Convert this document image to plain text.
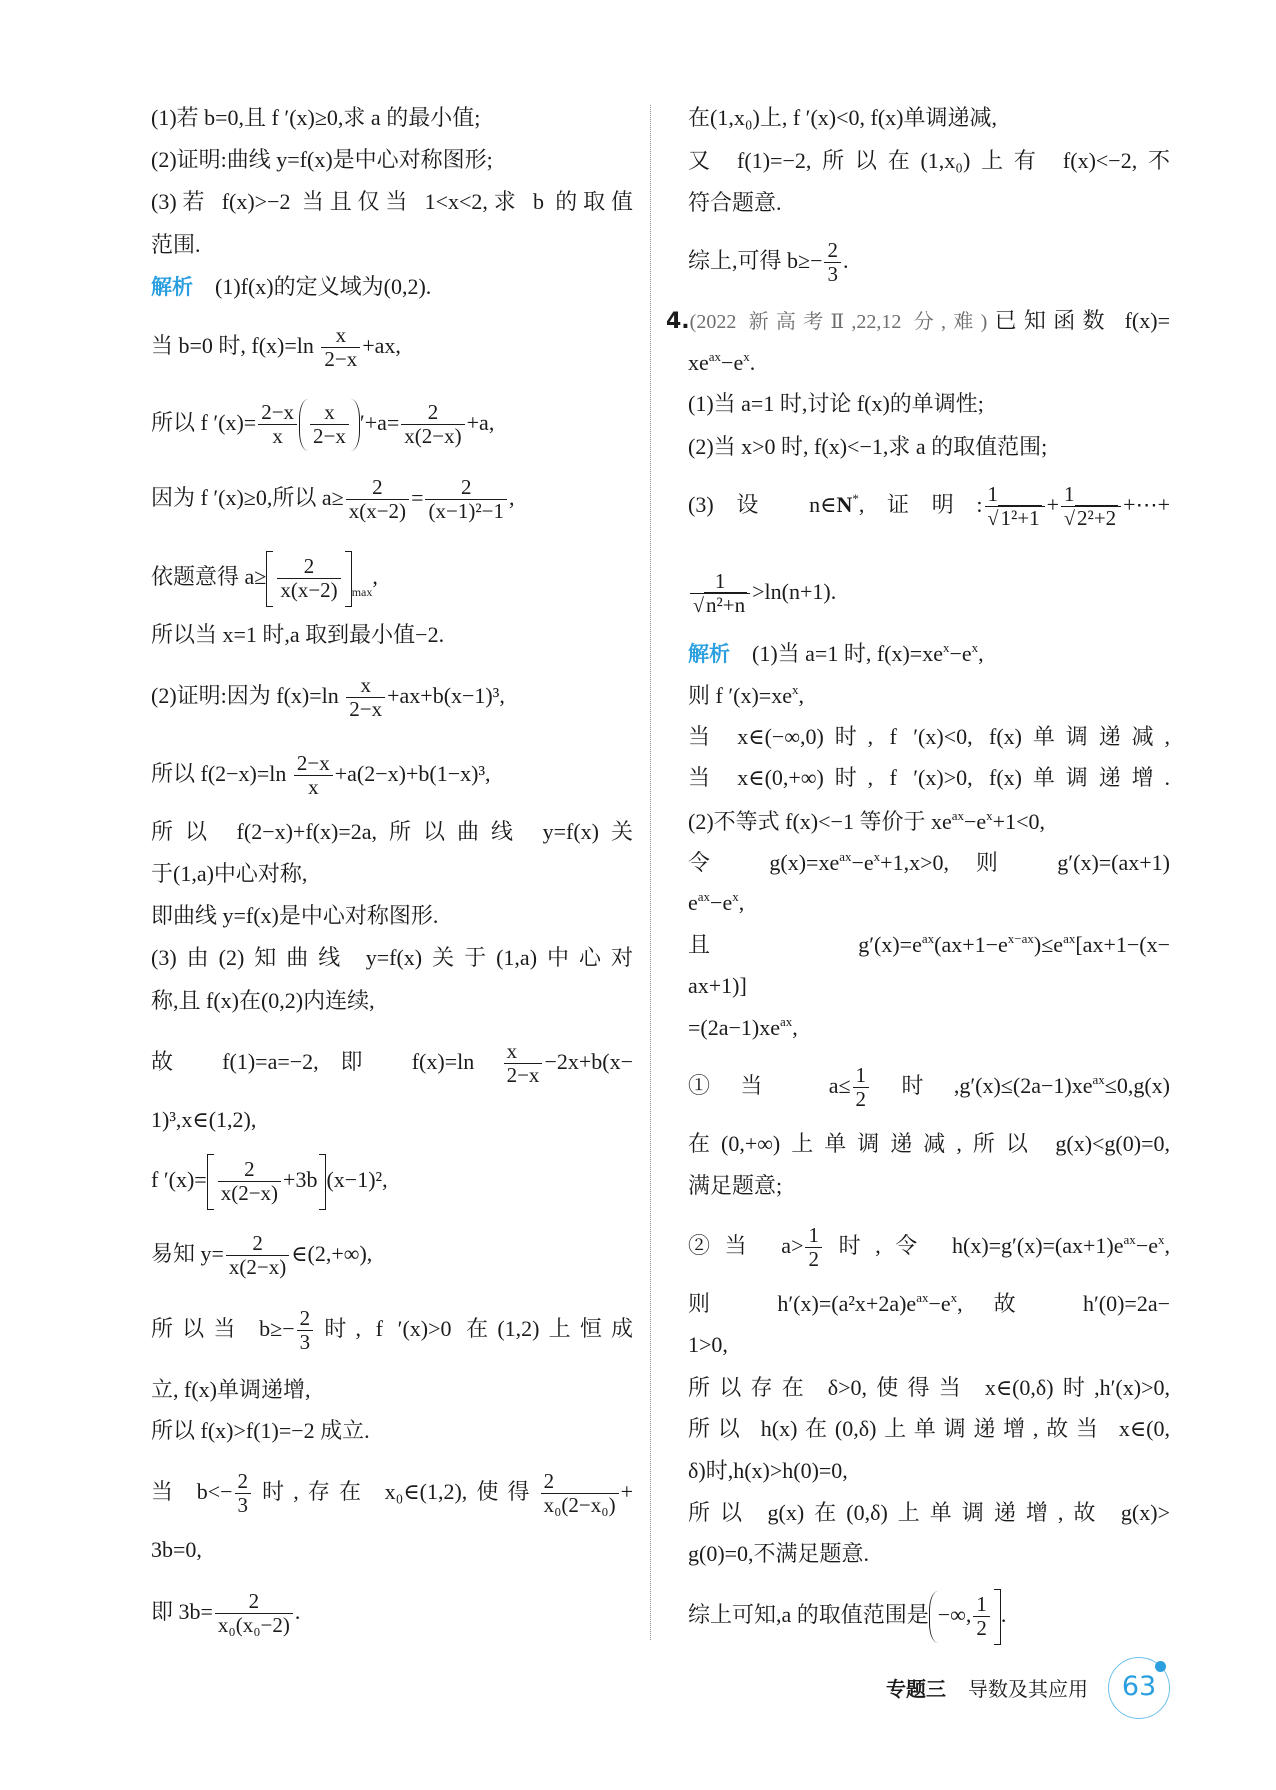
(1)若 b=0,且 f ′(x)≥0,求 a 的最小值;
(2)证明:曲线 y=f(x)是中心对称图形;
(3)若 f(x)>−2 当且仅当 1<x<2,求 b 的取值
范围.
解析 (1)f(x)的定义域为(0,2).
当 b=0 时, $f(x)=\ln \frac{x}{2-x} +ax$,
所以 f $'(x)= \frac{2-x}{x} \frac{x}{2-x} '+a= \frac{2}{x(2-x)} +a$,
因为 f ′(x)≥0,所以 $a\ge \frac{2}{x(x-2)} = \frac{2}{\text{(x−1)²−1}}$ ,
依题意得 $a\ge \frac{2}{x(x-2)} _{max}$,
所以当 x=1 时,a 取到最小值−2.
(2)证明:因为 $f(x)=\ln \frac{x}{2-x} +ax+b(x-1)^3$,
所以 $f(2-x)=\ln \frac{2-x}{x} +a(2-x)+b(1-x)^3$,
所以 f(2−x)+f(x)=2a,所以曲线 y=f(x)关
于(1,a)中心对称,
即曲线 y=f(x)是中心对称图形.
(3)由(2)知曲线 y=f(x)关于(1,a)中心对
称,且 f(x)在(0,2)内连续,
故 f(1)=a=−2,即 $f(x)=\ln \frac{x}{2-x} -2x+b(x-$
1)³,x∈(1,2),
f $'(x)= \frac{2}{x(2-x)} +3b$ (x−1)²,
易知 $y= \frac{2}{x(2-x)}$ ∈(2,+∞),
所以当 $b\ge- \frac{2}{3}$ 时, f ′(x)>0 在(1,2)上恒成
立, f(x)单调递增,
所以 f(x)>f(1)=−2 成立.
当 $b<- \frac{2}{3}$ 时,存在 x₀∈(1,2),使得 $\frac{2}{\text{x₀(2−x₀)}}$ +
3b=0,
即 $3b= \frac{2}{\text{x₀(x₀−2)}}$ .
在(1,x₀)上, f ′(x)<0, f(x)单调递减,
又 f(1)=−2,所以在(1,x₀)上有 f(x)<−2,不
符合题意.
综上,可得 $b\ge- \frac{2}{3}$ .
4.(2022 新高考Ⅱ,22,12 分,难)已知函数 f(x)=
$xe^{ax}-e^x$.
(1)当 a=1 时,讨论 f(x)的单调性;
(2)当 x>0 时, f(x)<−1,求 a 的取值范围;
(3)设 n∈N*,证明: $\frac{1}{\text{√1²+1}} + \frac{1}{\text{√2²+2}}$ +⋯+
$\frac{1}{\text{√n²+n}} >\ln(n+1)$.
解析 (1)当 a=1 时, $f(x)=xe^x-e^x$,
则 f $'(x)=xe^x$,
当 x∈(−∞,0)时, f ′(x)<0, f(x)单调递减,
当 x∈(0,+∞)时, f ′(x)>0, f(x)单调递增.
(2)不等式 f(x)<−1 等价于 $xe^{ax}-e^x+1<0$,
令 $g(x)=xe^{ax}-e^x+1,x>0$,则 g′(x)=(ax+1)
$e^{ax}-e^x$,
且 $g'(x)=e^{ax}(ax+1-e^{x-ax})\le e^{ax}[ax+1-(x-$
ax+1)]
$=(2a-1)xe^{ax}$,
①当 $a\le \frac{1}{2}$ 时$,g'(x)\le(2a-1)xe^{ax}\le 0,g(x)$
在(0,+∞)上单调递减,所以 g(x)<g(0)=0,
满足题意;
②当 $a> \frac{1}{2}$ 时,令 $h(x)=g'(x)=(ax+1)e^{ax}-e^x$,
则 $h'(x)=(a^2x+2a)e^{ax}-e^x$,故 h′(0)=2a−
1>0,
所以存在 δ>0,使得当 x∈(0,δ)时,h′(x)>0,
所以 h(x)在(0,δ)上单调递增,故当 x∈(0,
δ)时,h(x)>h(0)=0,
所以 g(x)在(0,δ)上单调递增,故 g(x)>
g(0)=0,不满足题意.
综上可知,a 的取值范围是 −∞, $\frac{1}{2}$ .
专题三 导数及其应用	63
